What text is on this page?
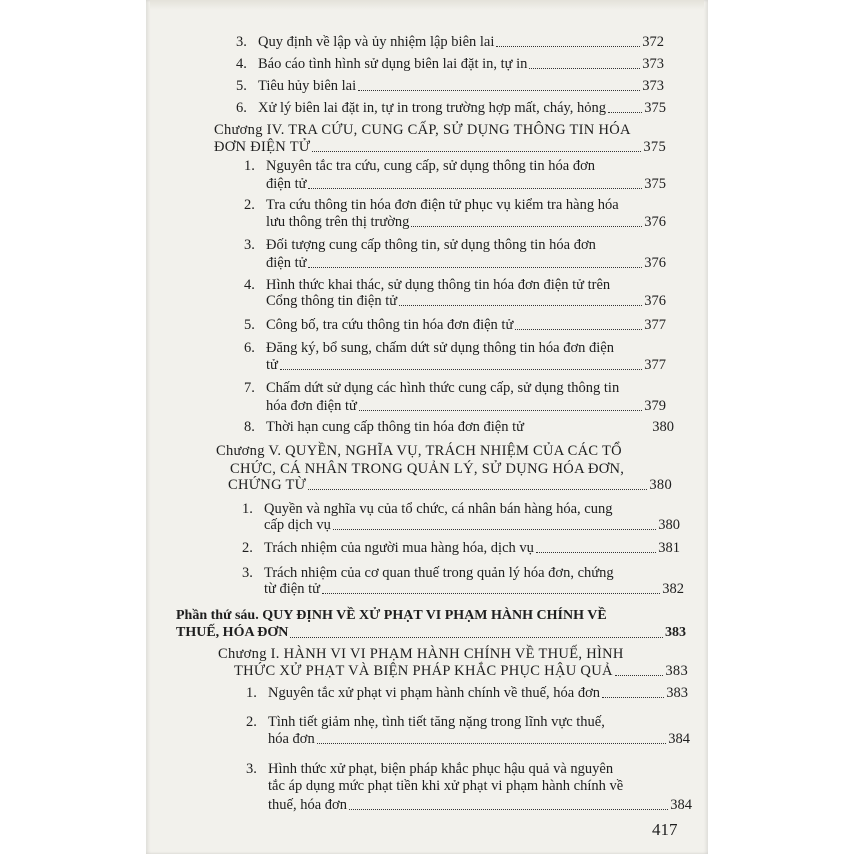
3. Quy định về lập và ủy nhiệm lập biên lai	372
4. Báo cáo tình hình sử dụng biên lai đặt in, tự in	373
5. Tiêu hủy biên lai	373
6. Xử lý biên lai đặt in, tự in trong trường hợp mất, cháy, hỏng	375
Chương IV. TRA CỨU, CUNG CẤP, SỬ DỤNG THÔNG TIN HÓA
ĐƠN ĐIỆN TỬ	375
1. Nguyên tắc tra cứu, cung cấp, sử dụng thông tin hóa đơn
điện tử	375
2. Tra cứu thông tin hóa đơn điện tử phục vụ kiểm tra hàng hóa
lưu thông trên thị trường	376
3. Đối tượng cung cấp thông tin, sử dụng thông tin hóa đơn
điện tử	376
4. Hình thức khai thác, sử dụng thông tin hóa đơn điện tử trên
Cổng thông tin điện tử	376
5. Công bố, tra cứu thông tin hóa đơn điện tử	377
6. Đăng ký, bổ sung, chấm dứt sử dụng thông tin hóa đơn điện
tử	377
7. Chấm dứt sử dụng các hình thức cung cấp, sử dụng thông tin
hóa đơn điện tử	379
8. Thời hạn cung cấp thông tin hóa đơn điện tử	380
Chương V. QUYỀN, NGHĨA VỤ, TRÁCH NHIỆM CỦA CÁC TỔ
CHỨC, CÁ NHÂN TRONG QUẢN LÝ, SỬ DỤNG HÓA ĐƠN,
CHỨNG TỪ	380
1. Quyền và nghĩa vụ của tổ chức, cá nhân bán hàng hóa, cung
cấp dịch vụ	380
2. Trách nhiệm của người mua hàng hóa, dịch vụ	381
3. Trách nhiệm của cơ quan thuế trong quản lý hóa đơn, chứng
từ điện tử	382
Phần thứ sáu. QUY ĐỊNH VỀ XỬ PHẠT VI PHẠM HÀNH CHÍNH VỀ
THUẾ, HÓA ĐƠN	383
Chương I. HÀNH VI VI PHẠM HÀNH CHÍNH VỀ THUẾ, HÌNH
THỨC XỬ PHẠT VÀ BIỆN PHÁP KHẮC PHỤC HẬU QUẢ	383
1. Nguyên tắc xử phạt vi phạm hành chính về thuế, hóa đơn	383
2. Tình tiết giảm nhẹ, tình tiết tăng nặng trong lĩnh vực thuế,
hóa đơn	384
3. Hình thức xử phạt, biện pháp khắc phục hậu quả và nguyên
tắc áp dụng mức phạt tiền khi xử phạt vi phạm hành chính về
thuế, hóa đơn	384
417
